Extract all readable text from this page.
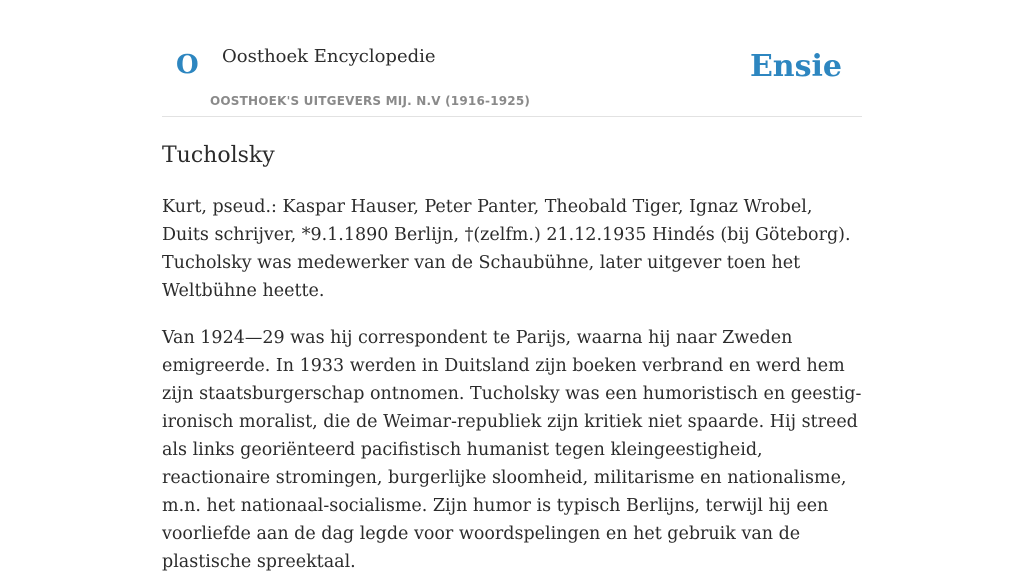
O Oosthoek Encyclopedie
OOSTHOEK'S UITGEVERS MIJ. N.V (1916-1925)
Ensie
Tucholsky

Kurt, pseud.: Kaspar Hauser, Peter Panter, Theobald Tiger, Ignaz Wrobel, Duits schrijver, *9.1.1890 Berlijn, †(zelfm.) 21.12.1935 Hindés (bij Göteborg). Tucholsky was medewerker van de Schaubühne, later uitgever toen het Weltbühne heette.

Van 1924—29 was hij correspondent te Parijs, waarna hij naar Zweden emigreerde. In 1933 werden in Duitsland zijn boeken verbrand en werd hem zijn staatsburgerschap ontnomen. Tucholsky was een humoristisch en geestig-ironisch moralist, die de Weimar-republiek zijn kritiek niet spaarde. Hij streed als links georiënteerd pacifistisch humanist tegen kleingeestigheid, reactionaire stromingen, burgerlijke sloomheid, militarisme en nationalisme, m.n. het nationaal-socialisme. Zijn humor is typisch Berlijns, terwijl hij een voorliefde aan de dag legde voor woordspelingen en het gebruik van de plastische spreektaal.
